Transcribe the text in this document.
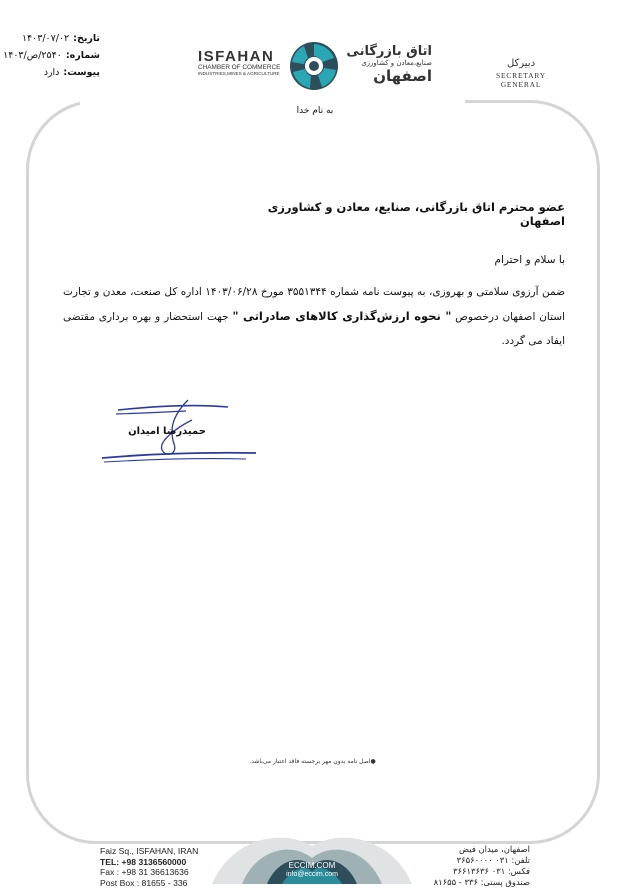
تاریخ:
۱۴۰۳/۰۷/۰۲
شماره:
۲۵۴۰/ص/۱۴۰۳
پیوست:
دارد
ISFAHAN
CHAMBER OF COMMERCE
INDUSTRIES,MINES & AGRICULTURE
اتاق بازرگانی
صنایع،معادن و کشاورزی
اصفهان
دبیرکل
SECRETARY GENERAL
به نام خدا
عضو محترم اتاق بازرگانی، صنایع، معادن و کشاورزی اصفهان
با سلام و احترام
ضمن آرزوی سلامتی و بهروزی، به پیوست نامه شماره ۳۵۵۱۳۴۴ مورخ ۱۴۰۳/۰۶/۲۸ اداره کل صنعت، معدن و تجارت استان اصفهان درخصوص " نحوه ارزش‌گذاری کالاهای صادراتی " جهت استحضار و بهره برداری مقتضی ایفاد می گردد.
حمیدرضا امیدان
●اصل نامه بدون مهر برجسته فاقد اعتبار می‌باشد.
Faiz Sq., ISFAHAN, IRAN
TEL: +98 3136560000
Fax : +98 31 36613636
Post Box : 81655 - 336
ECCIM.COM
info@eccim.com
اصفهان، میدان فیض
تلفن: ۰۳۱ ۳۶۵۶۰۰۰۰
فکس: ۰۳۱ ۳۶۶۱۳۶۳۶
صندوق پستی: ۳۳۶ - ۸۱۶۵۵
